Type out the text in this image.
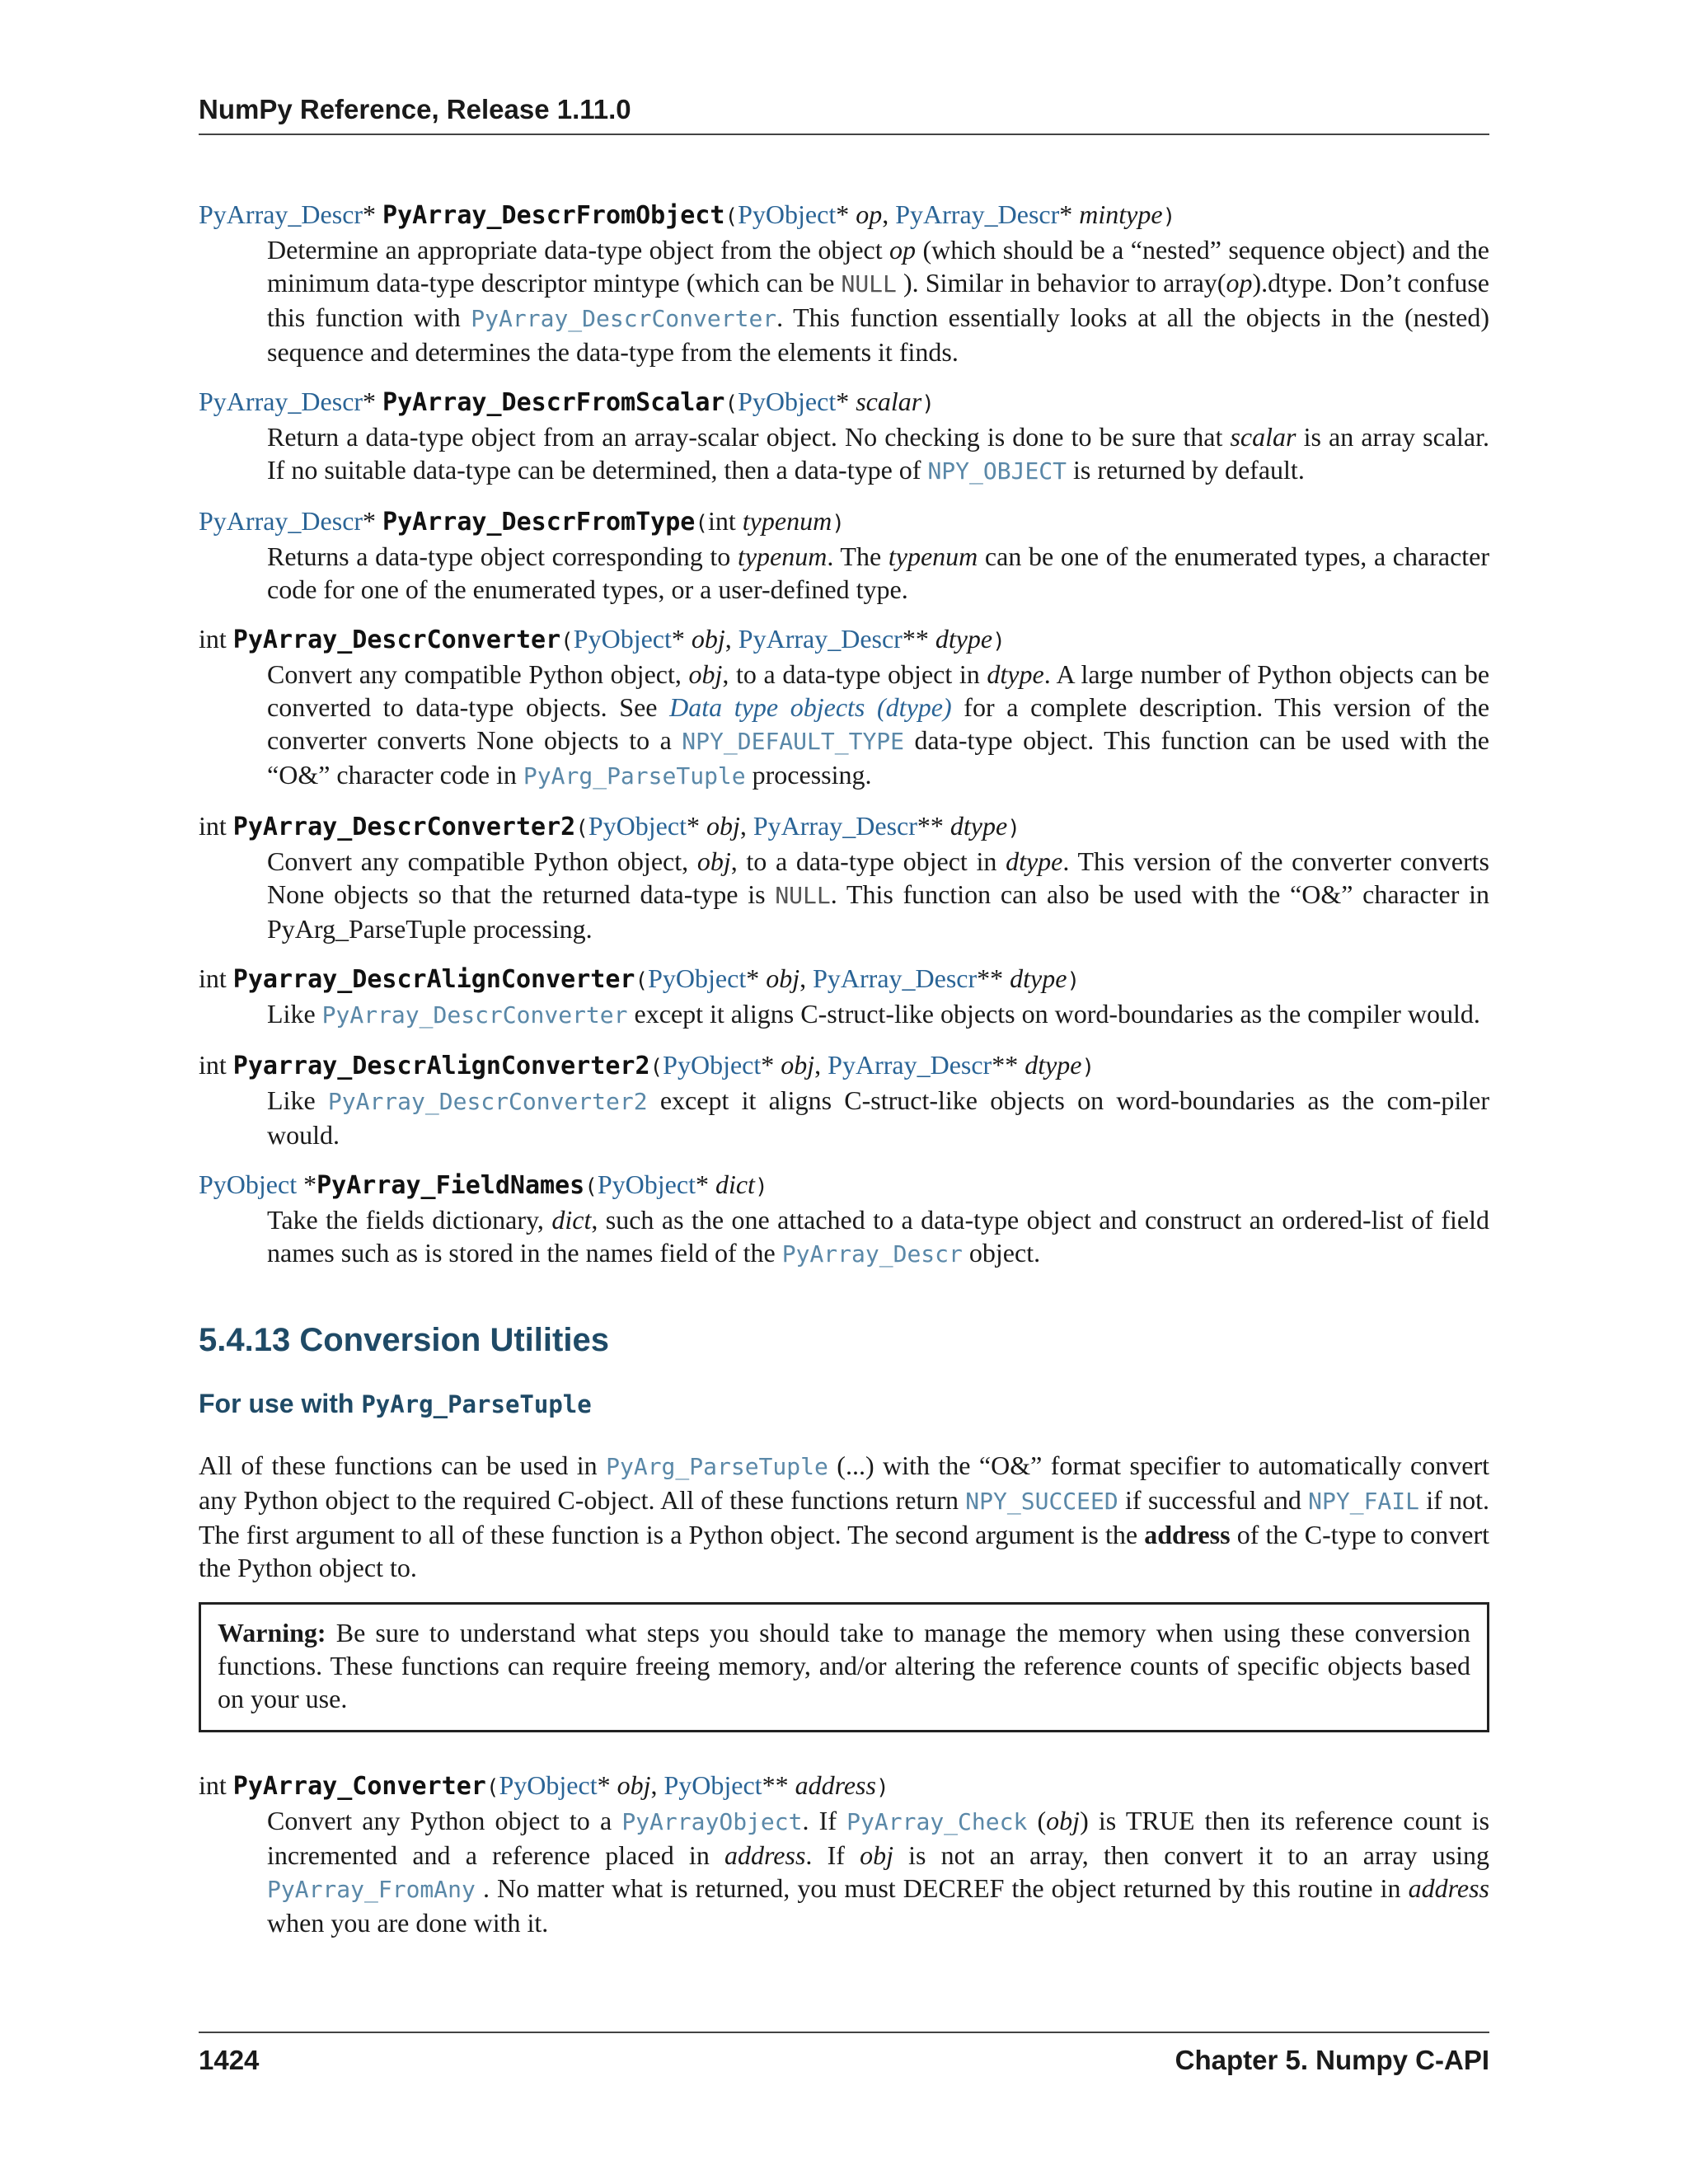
NumPy Reference, Release 1.11.0
PyArray_Descr* PyArray_DescrFromObject(PyObject* op, PyArray_Descr* mintype)
Determine an appropriate data-type object from the object op (which should be a “nested” sequence object) and the minimum data-type descriptor mintype (which can be NULL ). Similar in behavior to array(op).dtype. Don’t confuse this function with PyArray_DescrConverter. This function essentially looks at all the objects in the (nested) sequence and determines the data-type from the elements it finds.
PyArray_Descr* PyArray_DescrFromScalar(PyObject* scalar)
Return a data-type object from an array-scalar object. No checking is done to be sure that scalar is an array scalar. If no suitable data-type can be determined, then a data-type of NPY_OBJECT is returned by default.
PyArray_Descr* PyArray_DescrFromType(int typenum)
Returns a data-type object corresponding to typenum. The typenum can be one of the enumerated types, a character code for one of the enumerated types, or a user-defined type.
int PyArray_DescrConverter(PyObject* obj, PyArray_Descr** dtype)
Convert any compatible Python object, obj, to a data-type object in dtype. A large number of Python objects can be converted to data-type objects. See Data type objects (dtype) for a complete description. This version of the converter converts None objects to a NPY_DEFAULT_TYPE data-type object. This function can be used with the “O&” character code in PyArg_ParseTuple processing.
int PyArray_DescrConverter2(PyObject* obj, PyArray_Descr** dtype)
Convert any compatible Python object, obj, to a data-type object in dtype. This version of the converter converts None objects so that the returned data-type is NULL. This function can also be used with the “O&” character in PyArg_ParseTuple processing.
int Pyarray_DescrAlignConverter(PyObject* obj, PyArray_Descr** dtype)
Like PyArray_DescrConverter except it aligns C-struct-like objects on word-boundaries as the compiler would.
int Pyarray_DescrAlignConverter2(PyObject* obj, PyArray_Descr** dtype)
Like PyArray_DescrConverter2 except it aligns C-struct-like objects on word-boundaries as the com-piler would.
PyObject *PyArray_FieldNames(PyObject* dict)
Take the fields dictionary, dict, such as the one attached to a data-type object and construct an ordered-list of field names such as is stored in the names field of the PyArray_Descr object.
5.4.13 Conversion Utilities
For use with PyArg_ParseTuple
All of these functions can be used in PyArg_ParseTuple (...) with the “O&” format specifier to automatically convert any Python object to the required C-object. All of these functions return NPY_SUCCEED if successful and NPY_FAIL if not. The first argument to all of these function is a Python object. The second argument is the address of the C-type to convert the Python object to.
Warning: Be sure to understand what steps you should take to manage the memory when using these conversion functions. These functions can require freeing memory, and/or altering the reference counts of specific objects based on your use.
int PyArray_Converter(PyObject* obj, PyObject** address)
Convert any Python object to a PyArrayObject. If PyArray_Check (obj) is TRUE then its reference count is incremented and a reference placed in address. If obj is not an array, then convert it to an array using PyArray_FromAny . No matter what is returned, you must DECREF the object returned by this routine in address when you are done with it.
1424	Chapter 5. Numpy C-API
